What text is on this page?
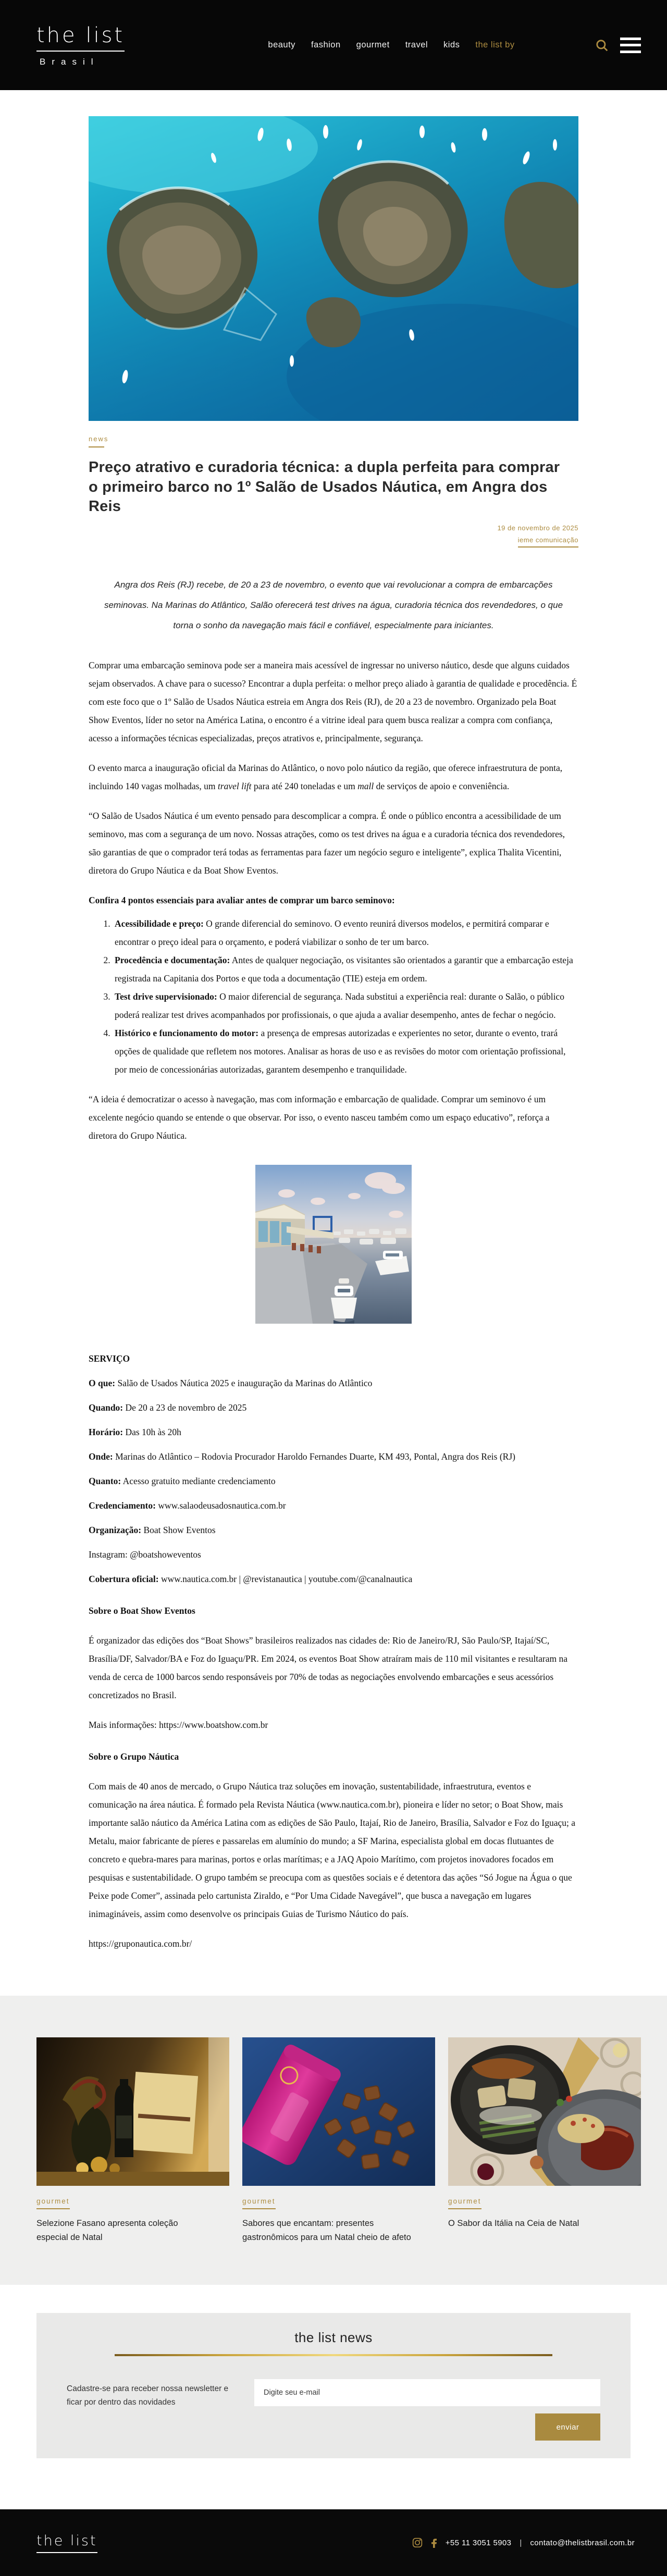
the list
Brasil
beauty fashion gourmet travel kids the list by
news
Preço atrativo e curadoria técnica: a dupla perfeita para comprar o primeiro barco no 1º Salão de Usados Náutica, em Angra dos Reis
19 de novembro de 2025
ieme comunicação

Angra dos Reis (RJ) recebe, de 20 a 23 de novembro, o evento que vai revolucionar a compra de embarcações seminovas. Na Marinas do Atlântico, Salão oferecerá test drives na água, curadoria técnica dos revendedores, o que torna o sonho da navegação mais fácil e confiável, especialmente para iniciantes.

Comprar uma embarcação seminova pode ser a maneira mais acessível de ingressar no universo náutico, desde que alguns cuidados sejam observados. A chave para o sucesso? Encontrar a dupla perfeita: o melhor preço aliado à garantia de qualidade e procedência. É com este foco que o 1º Salão de Usados Náutica estreia em Angra dos Reis (RJ), de 20 a 23 de novembro. Organizado pela Boat Show Eventos, líder no setor na América Latina, o encontro é a vitrine ideal para quem busca realizar a compra com confiança, acesso a informações técnicas especializadas, preços atrativos e, principalmente, segurança.

O evento marca a inauguração oficial da Marinas do Atlântico, o novo polo náutico da região, que oferece infraestrutura de ponta, incluindo 140 vagas molhadas, um travel lift para até 240 toneladas e um mall de serviços de apoio e conveniência.

“O Salão de Usados Náutica é um evento pensado para descomplicar a compra. É onde o público encontra a acessibilidade de um seminovo, mas com a segurança de um novo. Nossas atrações, como os test drives na água e a curadoria técnica dos revendedores, são garantias de que o comprador terá todas as ferramentas para fazer um negócio seguro e inteligente”, explica Thalita Vicentini, diretora do Grupo Náutica e da Boat Show Eventos.

Confira 4 pontos essenciais para avaliar antes de comprar um barco seminovo:

1. Acessibilidade e preço: O grande diferencial do seminovo. O evento reunirá diversos modelos, e permitirá comparar e encontrar o preço ideal para o orçamento, e poderá viabilizar o sonho de ter um barco.
2. Procedência e documentação: Antes de qualquer negociação, os visitantes são orientados a garantir que a embarcação esteja registrada na Capitania dos Portos e que toda a documentação (TIE) esteja em ordem.
3. Test drive supervisionado: O maior diferencial de segurança. Nada substitui a experiência real: durante o Salão, o público poderá realizar test drives acompanhados por profissionais, o que ajuda a avaliar desempenho, antes de fechar o negócio.
4. Histórico e funcionamento do motor: a presença de empresas autorizadas e experientes no setor, durante o evento, trará opções de qualidade que refletem nos motores. Analisar as horas de uso e as revisões do motor com orientação profissional, por meio de concessionárias autorizadas, garantem desempenho e tranquilidade.

“A ideia é democratizar o acesso à navegação, mas com informação e embarcação de qualidade. Comprar um seminovo é um excelente negócio quando se entende o que observar. Por isso, o evento nasceu também como um espaço educativo”, reforça a diretora do Grupo Náutica.

SERVIÇO

O que: Salão de Usados Náutica 2025 e inauguração da Marinas do Atlântico

Quando: De 20 a 23 de novembro de 2025

Horário: Das 10h às 20h

Onde: Marinas do Atlântico – Rodovia Procurador Haroldo Fernandes Duarte, KM 493, Pontal, Angra dos Reis (RJ)

Quanto: Acesso gratuito mediante credenciamento

Credenciamento: www.salaodeusadosnautica.com.br

Organização: Boat Show Eventos

Instagram: @boatshoweventos

Cobertura oficial: www.nautica.com.br | @revistanautica | youtube.com/@canalnautica

Sobre o Boat Show Eventos

É organizador das edições dos “Boat Shows” brasileiros realizados nas cidades de: Rio de Janeiro/RJ, São Paulo/SP, Itajaí/SC, Brasília/DF, Salvador/BA e Foz do Iguaçu/PR. Em 2024, os eventos Boat Show atraíram mais de 110 mil visitantes e resultaram na venda de cerca de 1000 barcos sendo responsáveis por 70% de todas as negociações envolvendo embarcações e seus acessórios concretizados no Brasil.

Mais informações: https://www.boatshow.com.br

Sobre o Grupo Náutica

Com mais de 40 anos de mercado, o Grupo Náutica traz soluções em inovação, sustentabilidade, infraestrutura, eventos e comunicação na área náutica. É formado pela Revista Náutica (www.nautica.com.br), pioneira e líder no setor; o Boat Show, mais importante salão náutico da América Latina com as edições de São Paulo, Itajaí, Rio de Janeiro, Brasília, Salvador e Foz do Iguaçu; a Metalu, maior fabricante de píeres e passarelas em alumínio do mundo; a SF Marina, especialista global em docas flutuantes de concreto e quebra-mares para marinas, portos e orlas marítimas; e a JAQ Apoio Marítimo, com projetos inovadores focados em pesquisas e sustentabilidade. O grupo também se preocupa com as questões sociais e é detentora das ações “Só Jogue na Água o que Peixe pode Comer”, assinada pelo cartunista Ziraldo, e “Por Uma Cidade Navegável”, que busca a navegação em lugares inimagináveis, assim como desenvolve os principais Guias de Turismo Náutico do país.

https://gruponautica.com.br/

gourmet
Selezione Fasano apresenta coleção especial de Natal
gourmet
Sabores que encantam: presentes gastronômicos para um Natal cheio de afeto
gourmet
O Sabor da Itália na Ceia de Natal
the list news
Cadastre-se para receber nossa newsletter e ficar por dentro das novidades
Digite seu e-mail
enviar
the list	+55 11 3051 5903 | contato@thelistbrasil.com.br
